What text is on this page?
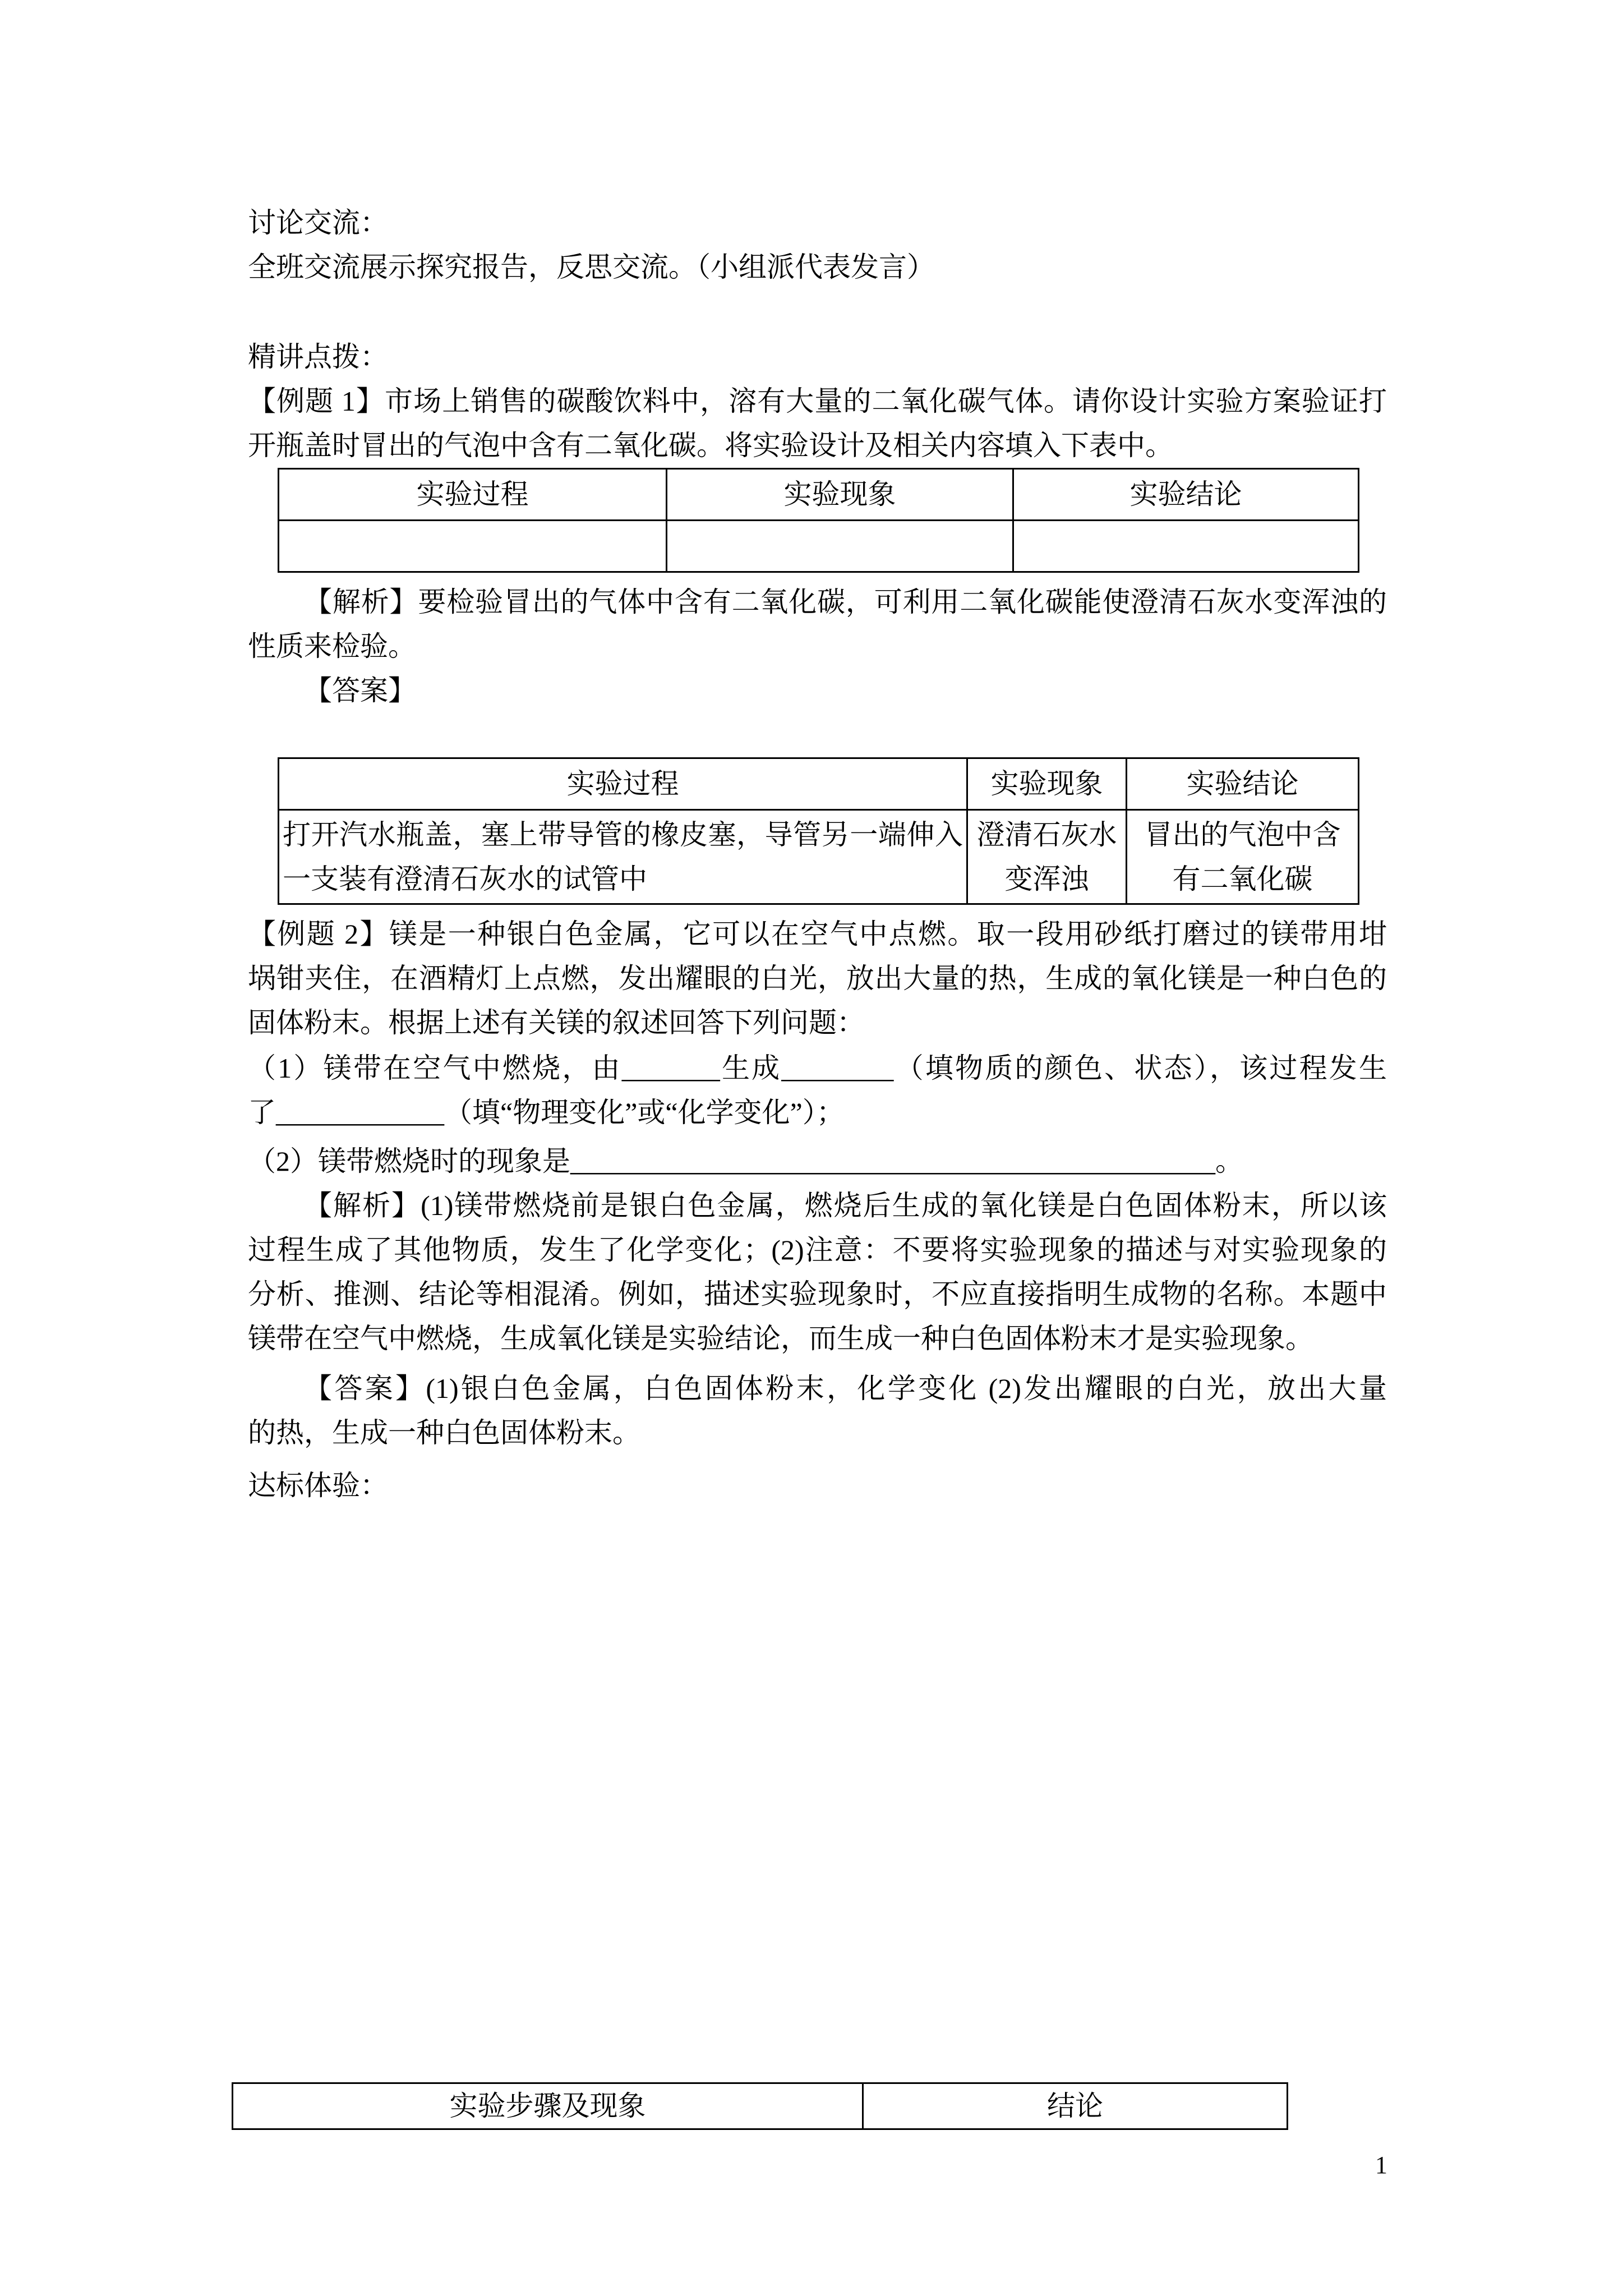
讨论交流：
全班交流展示探究报告，反思交流。（小组派代表发言）
精讲点拨：
【例题 1】市场上销售的碳酸饮料中，溶有大量的二氧化碳气体。请你设计实验方案验证打
开瓶盖时冒出的气泡中含有二氧化碳。将实验设计及相关内容填入下表中。
实验过程	实验现象	实验结论

【解析】要检验冒出的气体中含有二氧化碳，可利用二氧化碳能使澄清石灰水变浑浊的
性质来检验。
【答案】
实验过程	实验现象	实验结论
打开汽水瓶盖，塞上带导管的橡皮塞，导管另一端伸入一支装有澄清石灰水的试管中	澄清石灰水变浑浊	冒出的气泡中含有二氧化碳
【例题 2】镁是一种银白色金属，它可以在空气中点燃。取一段用砂纸打磨过的镁带用坩
埚钳夹住，在酒精灯上点燃，发出耀眼的白光，放出大量的热，生成的氧化镁是一种白色的
固体粉末。根据上述有关镁的叙述回答下列问题：
（1）镁带在空气中燃烧，由_______生成________（填物质的颜色、状态），该过程发生
了____________（填“物理变化”或“化学变化”）；
（2）镁带燃烧时的现象是______________________________________________。
【解析】(1)镁带燃烧前是银白色金属，燃烧后生成的氧化镁是白色固体粉末，所以该
过程生成了其他物质，发生了化学变化；(2)注意：不要将实验现象的描述与对实验现象的
分析、推测、结论等相混淆。例如，描述实验现象时，不应直接指明生成物的名称。本题中
镁带在空气中燃烧，生成氧化镁是实验结论，而生成一种白色固体粉末才是实验现象。
【答案】(1)银白色金属，白色固体粉末，化学变化 (2)发出耀眼的白光，放出大量
的热，生成一种白色固体粉末。
达标体验：
实验步骤及现象	结论
1
